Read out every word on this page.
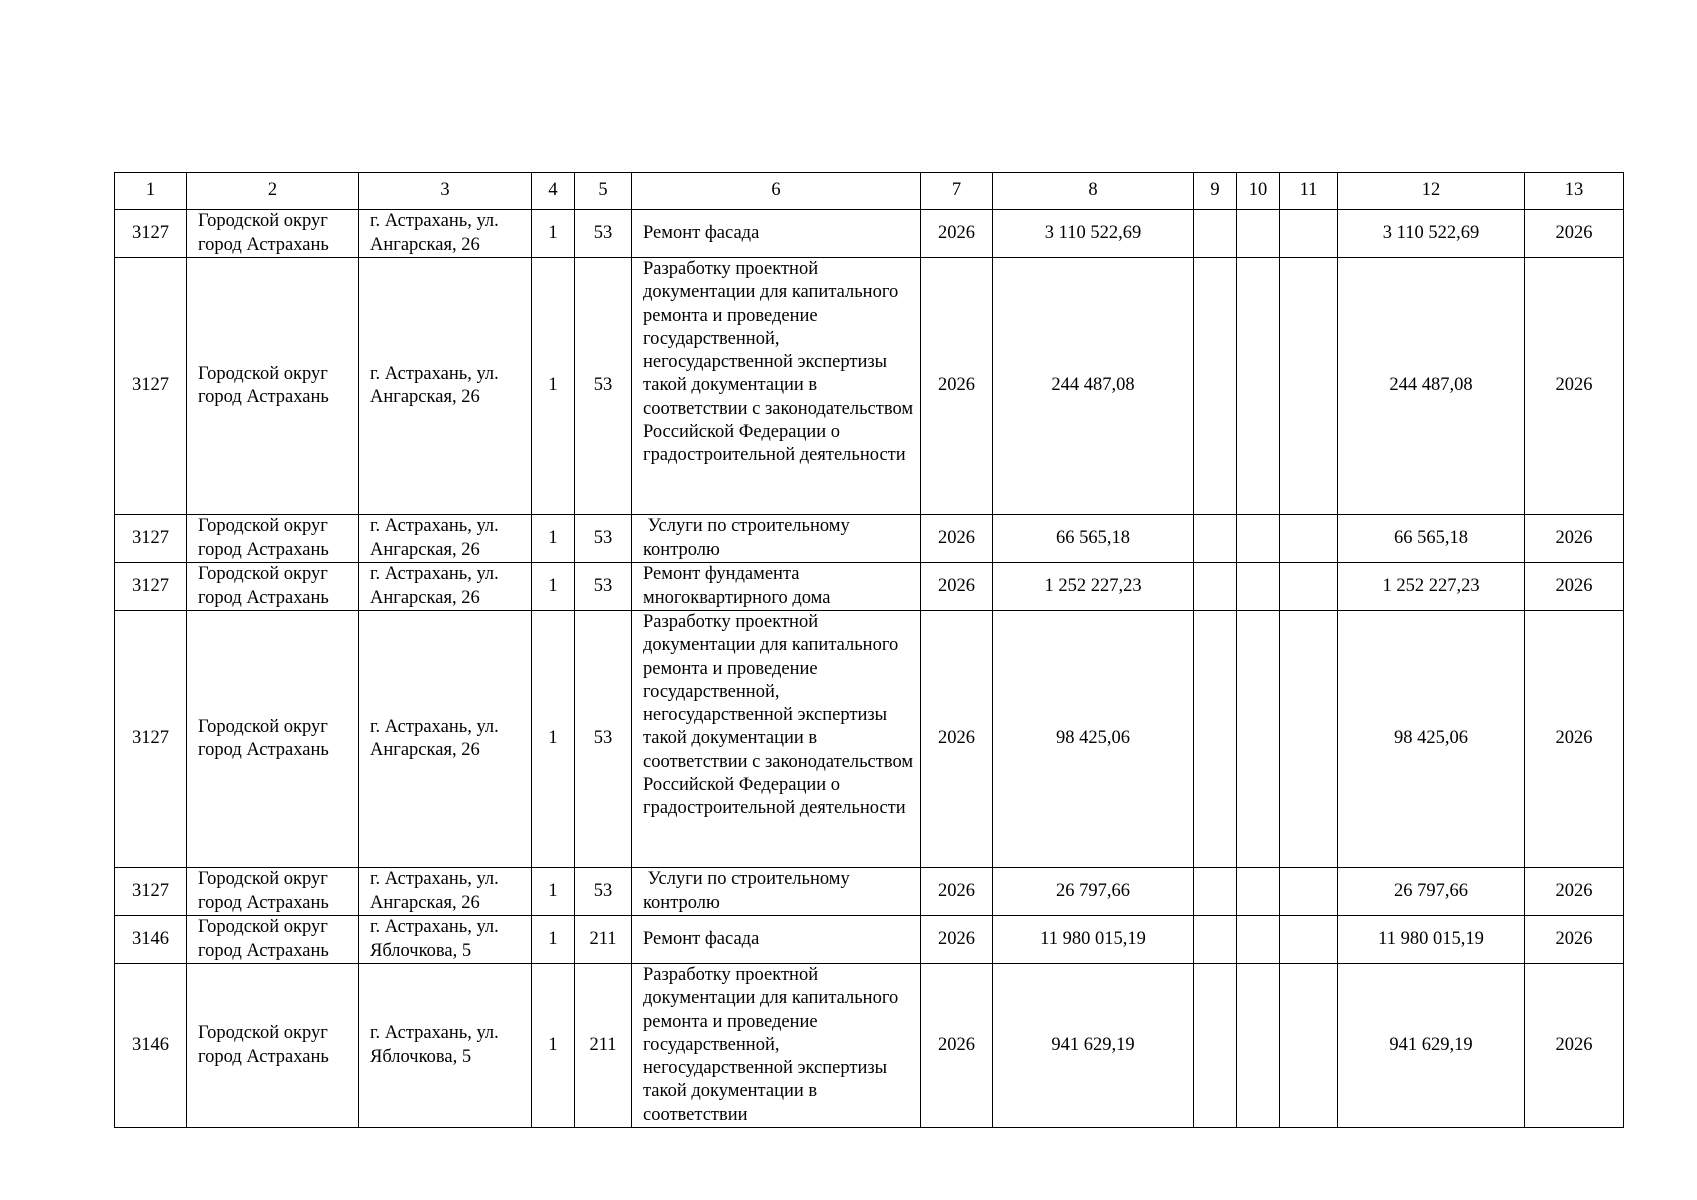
1	2	3	4	5	6	7	8	9	10	11	12	13
3127	Городской округ город Астрахань	г. Астрахань, ул. Ангарская, 26	1	53	Ремонт фасада	2026	3 110 522,69				3 110 522,69	2026
3127	Городской округ город Астрахань	г. Астрахань, ул. Ангарская, 26	1	53	Разработку проектной документации для капитального ремонта и проведение государственной, негосударственной экспертизы такой документации в соответствии с законодательством Российской Федерации о градостроительной деятельности	2026	244 487,08				244 487,08	2026
3127	Городской округ город Астрахань	г. Астрахань, ул. Ангарская, 26	1	53	Услуги по строительному контролю	2026	66 565,18				66 565,18	2026
3127	Городской округ город Астрахань	г. Астрахань, ул. Ангарская, 26	1	53	Ремонт фундамента многоквартирного дома	2026	1 252 227,23				1 252 227,23	2026
3127	Городской округ город Астрахань	г. Астрахань, ул. Ангарская, 26	1	53	Разработку проектной документации для капитального ремонта и проведение государственной, негосударственной экспертизы такой документации в соответствии с законодательством Российской Федерации о градостроительной деятельности	2026	98 425,06				98 425,06	2026
3127	Городской округ город Астрахань	г. Астрахань, ул. Ангарская, 26	1	53	Услуги по строительному контролю	2026	26 797,66				26 797,66	2026
3146	Городской округ город Астрахань	г. Астрахань, ул. Яблочкова, 5	1	211	Ремонт фасада	2026	11 980 015,19				11 980 015,19	2026
3146	Городской округ город Астрахань	г. Астрахань, ул. Яблочкова, 5	1	211	Разработку проектной документации для капитального ремонта и проведение государственной, негосударственной экспертизы такой документации в соответствии	2026	941 629,19				941 629,19	2026
